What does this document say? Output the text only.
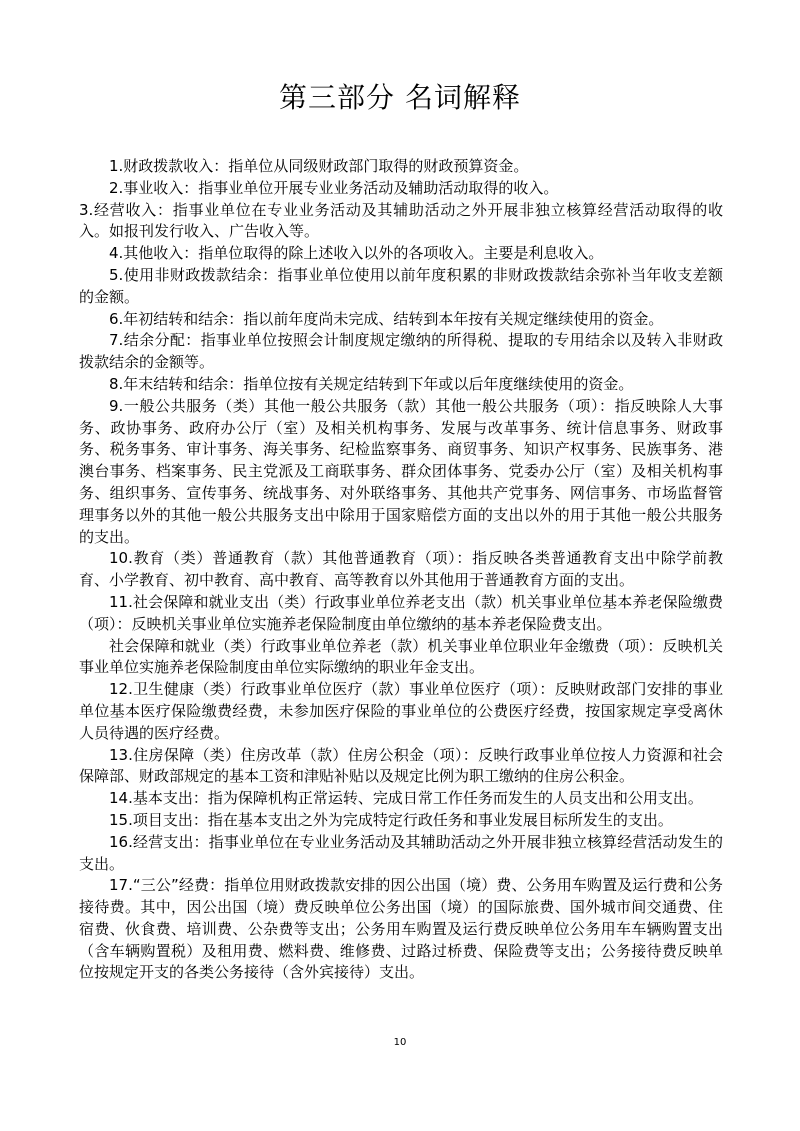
第三部分 名词解释

1.财政拨款收入：指单位从同级财政部门取得的财政预算资金。

2.事业收入：指事业单位开展专业业务活动及辅助活动取得的收入。

3.经营收入：指事业单位在专业业务活动及其辅助活动之外开展非独立核算经营活动取得的收入。如报刊发行收入、广告收入等。

4.其他收入：指单位取得的除上述收入以外的各项收入。主要是利息收入。

5.使用非财政拨款结余：指事业单位使用以前年度积累的非财政拨款结余弥补当年收支差额的金额。

6.年初结转和结余：指以前年度尚未完成、结转到本年按有关规定继续使用的资金。

7.结余分配：指事业单位按照会计制度规定缴纳的所得税、提取的专用结余以及转入非财政拨款结余的金额等。

8.年末结转和结余：指单位按有关规定结转到下年或以后年度继续使用的资金。

9.一般公共服务（类）其他一般公共服务（款）其他一般公共服务（项）：指反映除人大事务、政协事务、政府办公厅（室）及相关机构事务、发展与改革事务、统计信息事务、财政事务、税务事务、审计事务、海关事务、纪检监察事务、商贸事务、知识产权事务、民族事务、港澳台事务、档案事务、民主党派及工商联事务、群众团体事务、党委办公厅（室）及相关机构事务、组织事务、宣传事务、统战事务、对外联络事务、其他共产党事务、网信事务、市场监督管理事务以外的其他一般公共服务支出中除用于国家赔偿方面的支出以外的用于其他一般公共服务的支出。

10.教育（类）普通教育（款）其他普通教育（项）：指反映各类普通教育支出中除学前教育、小学教育、初中教育、高中教育、高等教育以外其他用于普通教育方面的支出。

11.社会保障和就业支出（类）行政事业单位养老支出（款）机关事业单位基本养老保险缴费（项）：反映机关事业单位实施养老保险制度由单位缴纳的基本养老保险费支出。

社会保障和就业（类）行政事业单位养老（款）机关事业单位职业年金缴费（项）：反映机关事业单位实施养老保险制度由单位实际缴纳的职业年金支出。

12.卫生健康（类）行政事业单位医疗（款）事业单位医疗（项）：反映财政部门安排的事业单位基本医疗保险缴费经费，未参加医疗保险的事业单位的公费医疗经费，按国家规定享受离休人员待遇的医疗经费。

13.住房保障（类）住房改革（款）住房公积金（项）：反映行政事业单位按人力资源和社会保障部、财政部规定的基本工资和津贴补贴以及规定比例为职工缴纳的住房公积金。

14.基本支出：指为保障机构正常运转、完成日常工作任务而发生的人员支出和公用支出。

15.项目支出：指在基本支出之外为完成特定行政任务和事业发展目标所发生的支出。

16.经营支出：指事业单位在专业业务活动及其辅助活动之外开展非独立核算经营活动发生的支出。

17.“三公”经费：指单位用财政拨款安排的因公出国（境）费、公务用车购置及运行费和公务接待费。其中，因公出国（境）费反映单位公务出国（境）的国际旅费、国外城市间交通费、住宿费、伙食费、培训费、公杂费等支出；公务用车购置及运行费反映单位公务用车车辆购置支出（含车辆购置税）及租用费、燃料费、维修费、过路过桥费、保险费等支出；公务接待费反映单位按规定开支的各类公务接待（含外宾接待）支出。

10
